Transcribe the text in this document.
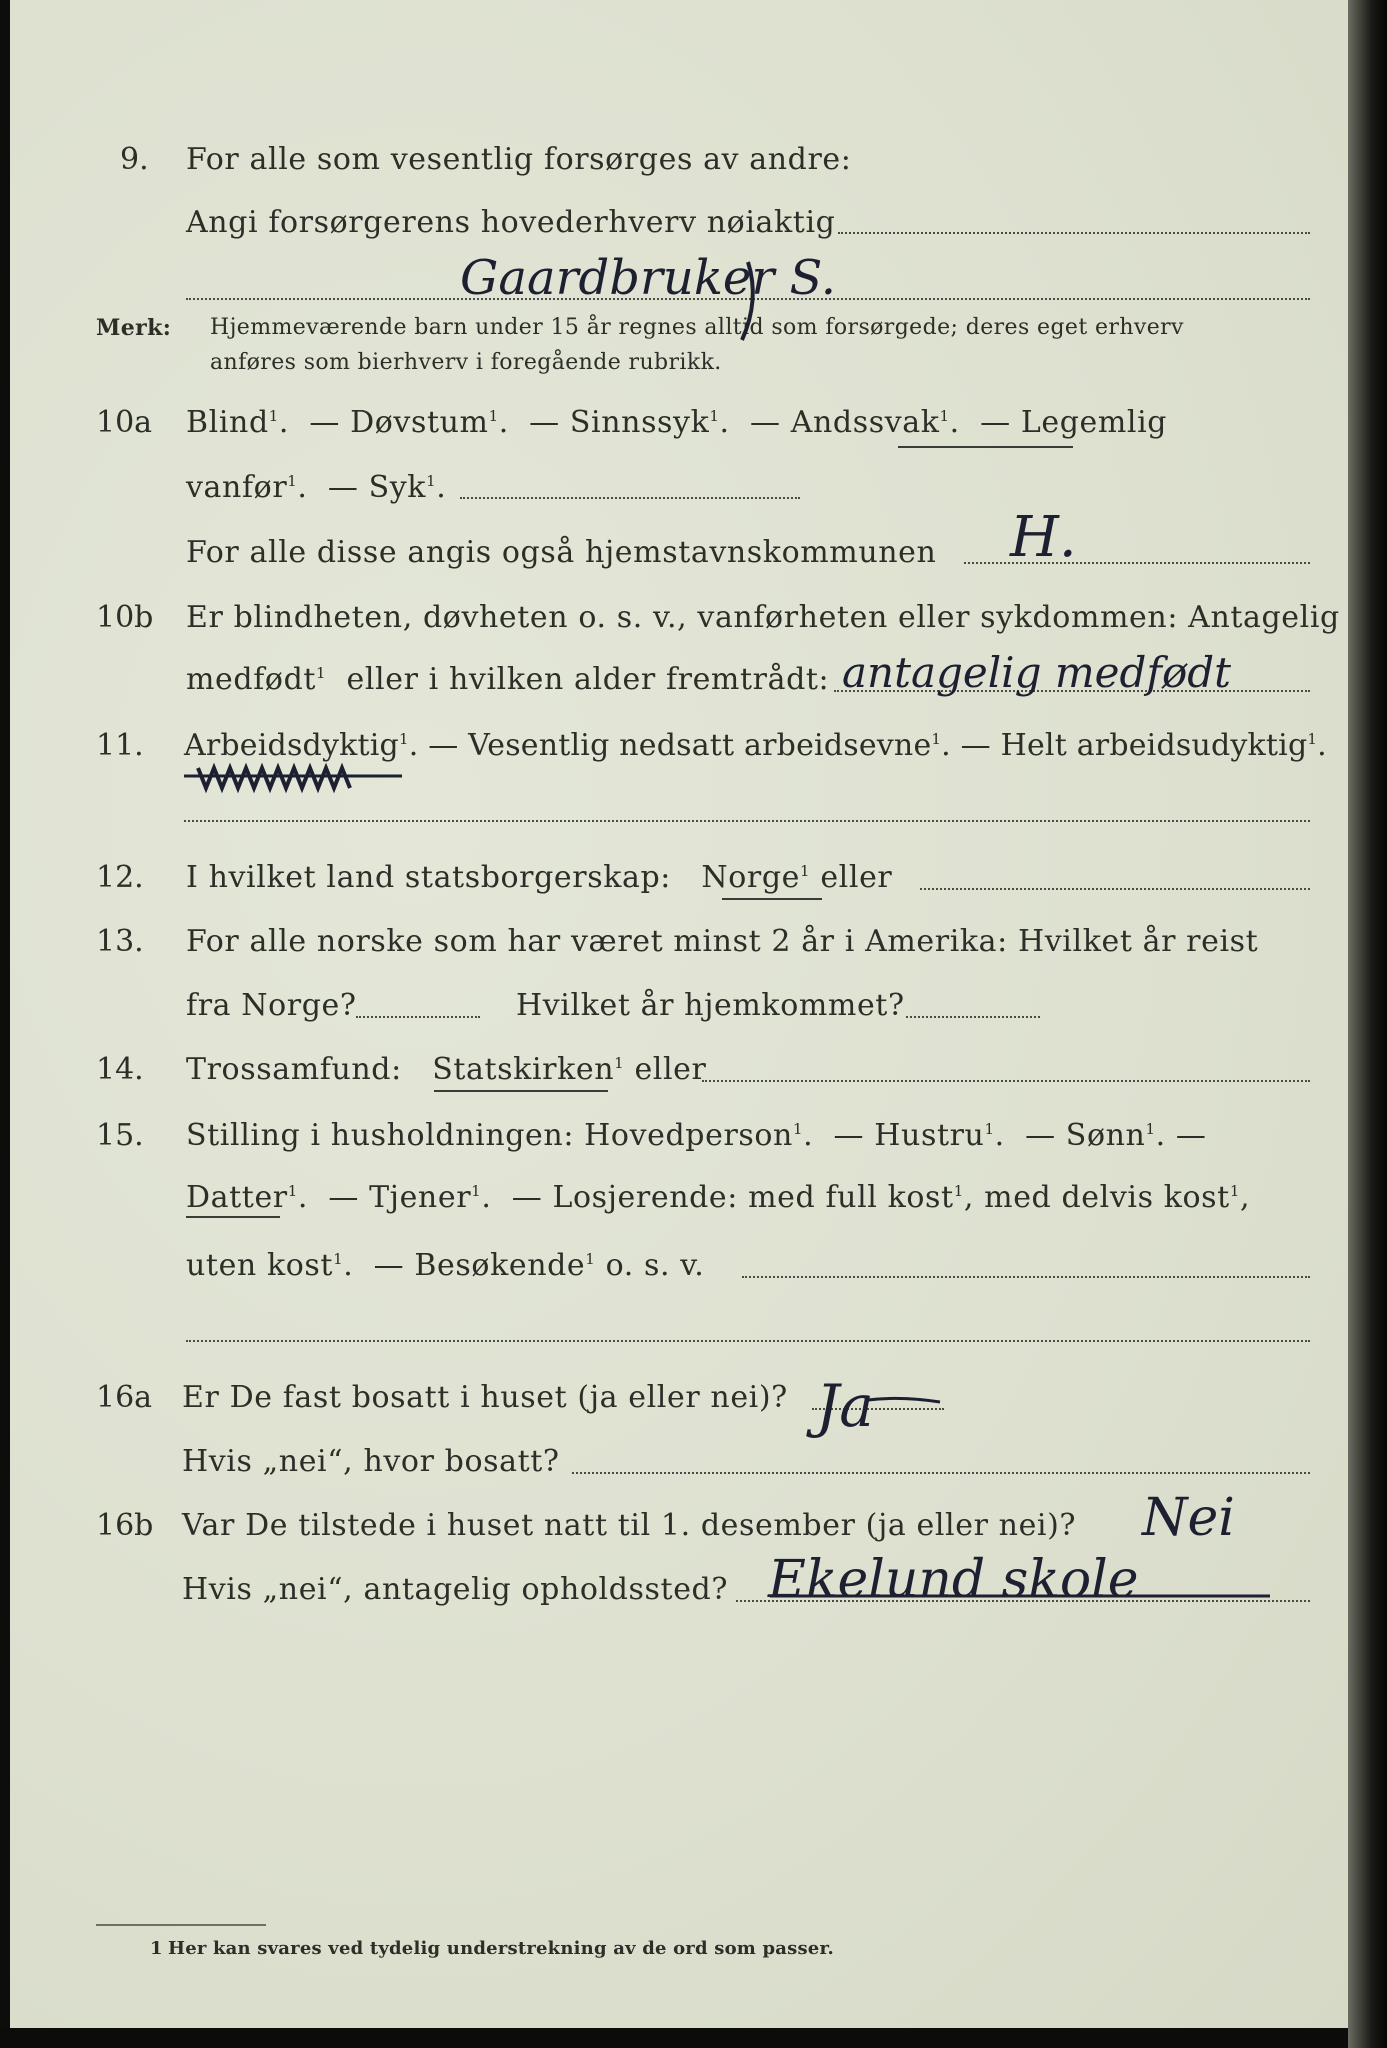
9. For alle som vesentlig forsørges av andre:
Angi forsørgerens hovederhverv nøiaktig
Gaardbruker S.
Merk: Hjemmeværende barn under 15 år regnes alltid som forsørgede; deres eget erhverv
anføres som bierhverv i foregående rubrikk.
10a Blind$^1$.  — Døvstum$^1$.  — Sinnssyk$^1$.  — Andssvak$^1$.  — Legemlig
vanfør$^1$.  — Syk$^1$.
For alle disse angis også hjemstavnskommunen H.
10b Er blindheten, døvheten o. s. v., vanførheten eller sykdommen: Antagelig
medfødt$^1$ eller i hvilken alder fremtrådt: antagelig medfødt
11. Arbeidsdyktig$^1$. — Vesentlig nedsatt arbeidsevne$^1$. — Helt arbeidsudyktig$^1$.
12. I hvilket land statsborgerskap: Norge$^1$ eller
13. For alle norske som har været minst 2 år i Amerika: Hvilket år reist
fra Norge?	Hvilket år hjemkommet?
14. Trossamfund: Statskirken$^1$ eller
15. Stilling i husholdningen: Hovedperson$^1$.  — Hustru$^1$.  — Sønn$^1$. —
Datter$^1$.  — Tjener$^1$.  — Losjerende: med full kost$^1$, med delvis kost$^1$,
uten kost$^1$.  — Besøkende$^1$ o. s. v.
16a Er De fast bosatt i huset (ja eller nei)? Ja
Hvis „nei“, hvor bosatt?
16b Var De tilstede i huset natt til 1. desember (ja eller nei)? Nei
Hvis „nei“, antagelig opholdssted? Ekelund skole
1 Her kan svares ved tydelig understrekning av de ord som passer.
